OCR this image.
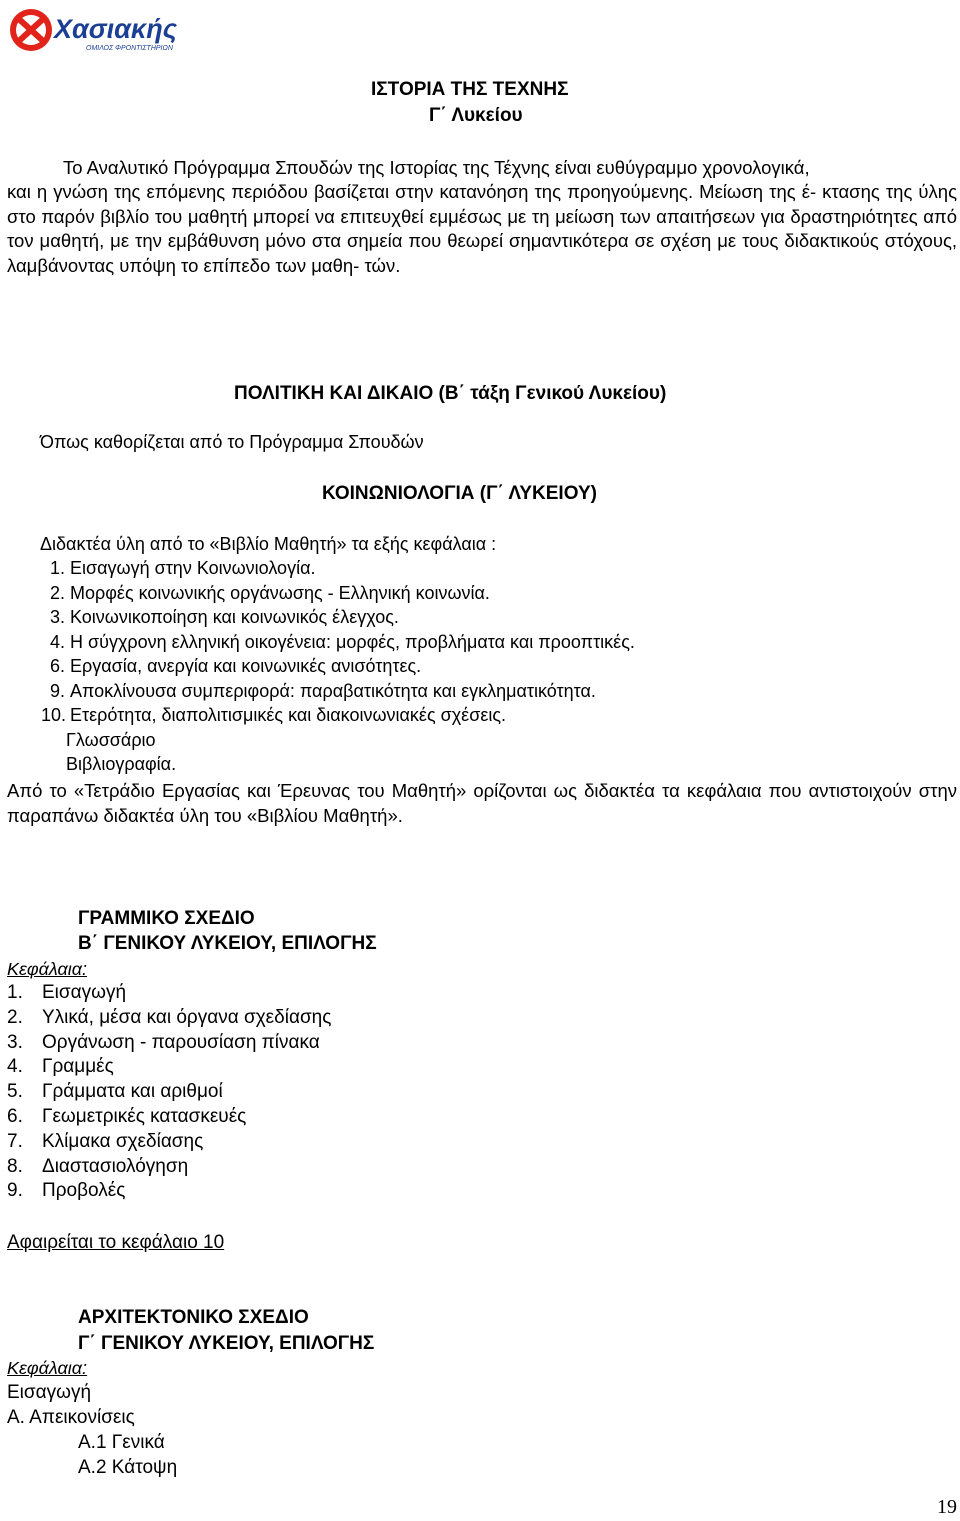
Χασιακής
ΟΜΙΛΟΣ ΦΡΟΝΤΙΣΤΗΡΙΩΝ
ΙΣΤΟΡΙΑ ΤΗΣ ΤΕΧΝΗΣ
Γ΄ Λυκείου
Το Αναλυτικό Πρόγραμμα Σπουδών της Ιστορίας της Τέχνης είναι ευθύγραμμο χρονολογικά,
και η γνώση της επόμενης περιόδου βασίζεται στην κατανόηση της προηγούμενης. Μείωση της έ- κτασης της ύλης στο παρόν βιβλίο του μαθητή μπορεί να επιτευχθεί εμμέσως με τη μείωση των απαιτήσεων για δραστηριότητες από τον μαθητή, με την εμβάθυνση μόνο στα σημεία που θεωρεί σημαντικότερα σε σχέση με τους διδακτικούς στόχους, λαμβάνοντας υπόψη το επίπεδο των μαθη- τών.
ΠΟΛΙΤΙΚΗ ΚΑΙ ΔΙΚΑΙΟ (Β΄ τάξη Γενικού Λυκείου)
Όπως καθορίζεται από το Πρόγραμμα Σπουδών
ΚΟΙΝΩΝΙΟΛΟΓΙΑ (Γ΄ ΛΥΚΕΙΟΥ)
Διδακτέα ύλη από το «Βιβλίο Μαθητή» τα εξής κεφάλαια :
1. Εισαγωγή στην Κοινωνιολογία.
2. Μορφές κοινωνικής οργάνωσης - Ελληνική κοινωνία.
3. Κοινωνικοποίηση και κοινωνικός έλεγχος.
4. Η σύγχρονη ελληνική οικογένεια: μορφές, προβλήματα και προοπτικές.
6. Εργασία, ανεργία και κοινωνικές ανισότητες.
9. Αποκλίνουσα συμπεριφορά: παραβατικότητα και εγκληματικότητα.
10. Ετερότητα, διαπολιτισμικές και διακοινωνιακές σχέσεις.
Γλωσσάριο
Βιβλιογραφία.
Από το «Τετράδιο Εργασίας και Έρευνας του Μαθητή» ορίζονται ως διδακτέα τα κεφάλαια που αντιστοιχούν στην παραπάνω διδακτέα ύλη του «Βιβλίου Μαθητή».
ΓΡΑΜΜΙΚΟ ΣΧΕΔΙΟ
Β΄ ΓΕΝΙΚΟΥ ΛΥΚΕΙΟΥ, ΕΠΙΛΟΓΗΣ
Κεφάλαια:
1. Εισαγωγή
2. Υλικά, μέσα και όργανα σχεδίασης
3. Οργάνωση - παρουσίαση πίνακα
4. Γραμμές
5. Γράμματα και αριθμοί
6. Γεωμετρικές κατασκευές
7. Κλίμακα σχεδίασης
8. Διαστασιολόγηση
9. Προβολές
Αφαιρείται το κεφάλαιο 10
ΑΡΧΙΤΕΚΤΟΝΙΚΟ ΣΧΕΔΙΟ
Γ΄ ΓΕΝΙΚΟΥ ΛΥΚΕΙΟΥ, ΕΠΙΛΟΓΗΣ
Κεφάλαια:
Εισαγωγή
Α. Απεικονίσεις
Α.1 Γενικά
Α.2 Κάτοψη
19
